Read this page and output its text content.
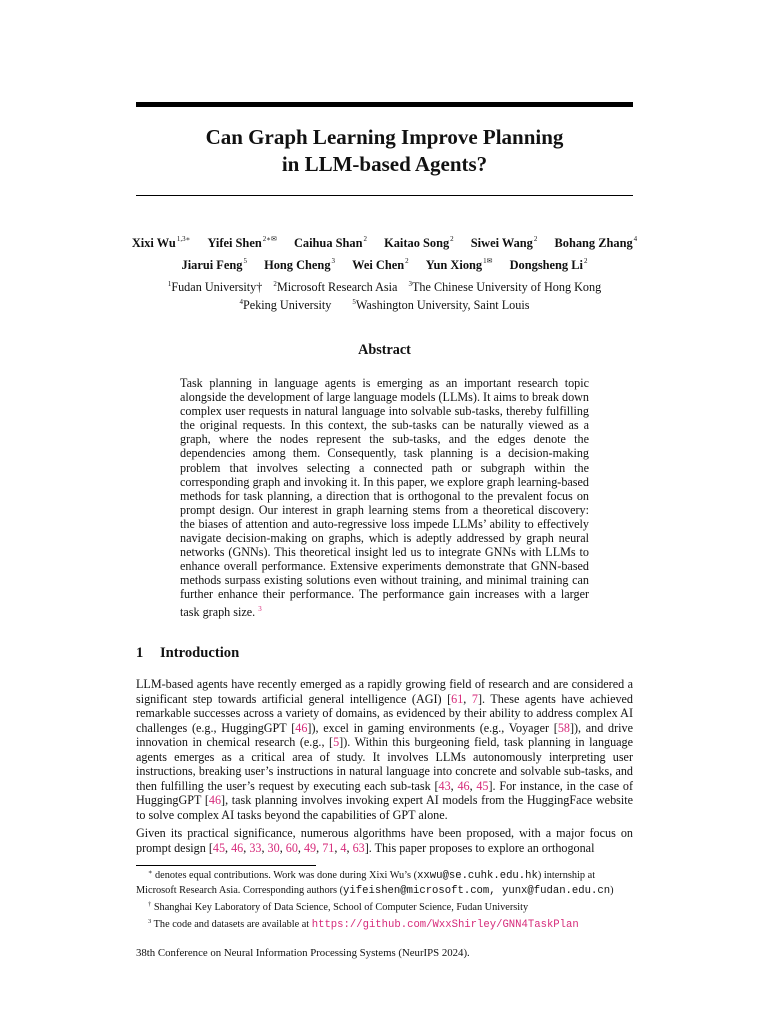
Can Graph Learning Improve Planning
in LLM-based Agents?
Xixi $Wu^{1,3∗}$ Yifei Shen$^{2∗✉}$ Caihua Shan$^2$ Kaitao Song$^2$ Siwei Wang$^2$ Bohang Zhang$^4$
Jiarui Feng$^5$ Hong Cheng$^3$ Wei Chen$^2$ Yun Xiong$^{1✉}$ Dongsheng Li$^2$
$^1$Fudan University† $^2$Microsoft Research Asia $^3$The Chinese University of Hong Kong
$^4$Peking University	$^5$Washington University, Saint Louis
Abstract
Task planning in language agents is emerging as an important research topic alongside the development of large language models (LLMs). It aims to break down complex user requests in natural language into solvable sub-tasks, thereby fulfilling the original requests. In this context, the sub-tasks can be naturally viewed as a graph, where the nodes represent the sub-tasks, and the edges denote the dependencies among them. Consequently, task planning is a decision-making problem that involves selecting a connected path or subgraph within the corresponding graph and invoking it. In this paper, we explore graph learning-based methods for task planning, a direction that is orthogonal to the prevalent focus on prompt design. Our interest in graph learning stems from a theoretical discovery: the biases of attention and auto-regressive loss impede LLMs’ ability to effectively navigate decision-making on graphs, which is adeptly addressed by graph neural networks (GNNs). This theoretical insight led us to integrate GNNs with LLMs to enhance overall performance. Extensive experiments demonstrate that GNN-based methods surpass existing solutions even without training, and minimal training can further enhance their performance. The performance gain increases with a larger task graph size. $^3$
1 Introduction
LLM-based agents have recently emerged as a rapidly growing field of research and are considered a significant step towards artificial general intelligence (AGI) [61, 7]. These agents have achieved remarkable successes across a variety of domains, as evidenced by their ability to address complex AI challenges (e.g., HuggingGPT [46]), excel in gaming environments (e.g., Voyager [58]), and drive innovation in chemical research (e.g., [5]). Within this burgeoning field, task planning in language agents emerges as a critical area of study. It involves LLMs autonomously interpreting user instructions, breaking user’s instructions in natural language into concrete and solvable sub-tasks, and then fulfilling the user’s request by executing each sub-task [43, 46, 45]. For instance, in the case of HuggingGPT [46], task planning involves invoking expert AI models from the HuggingFace website to solve complex AI tasks beyond the capabilities of GPT alone.
Given its practical significance, numerous algorithms have been proposed, with a major focus on prompt design [45, 46, 33, 30, 60, 49, 71, 4, 63]. This paper proposes to explore an orthogonal
∗ denotes equal contributions. Work was done during Xixi Wu’s (xxwu@se.cuhk.edu.hk) internship at Microsoft Research Asia. Corresponding authors (yifeishen@microsoft.com, yunx@fudan.edu.cn)
† Shanghai Key Laboratory of Data Science, School of Computer Science, Fudan University
$^3$ The code and datasets are available at https://github.com/WxxShirley/GNN4TaskPlan
38th Conference on Neural Information Processing Systems (NeurIPS 2024).
